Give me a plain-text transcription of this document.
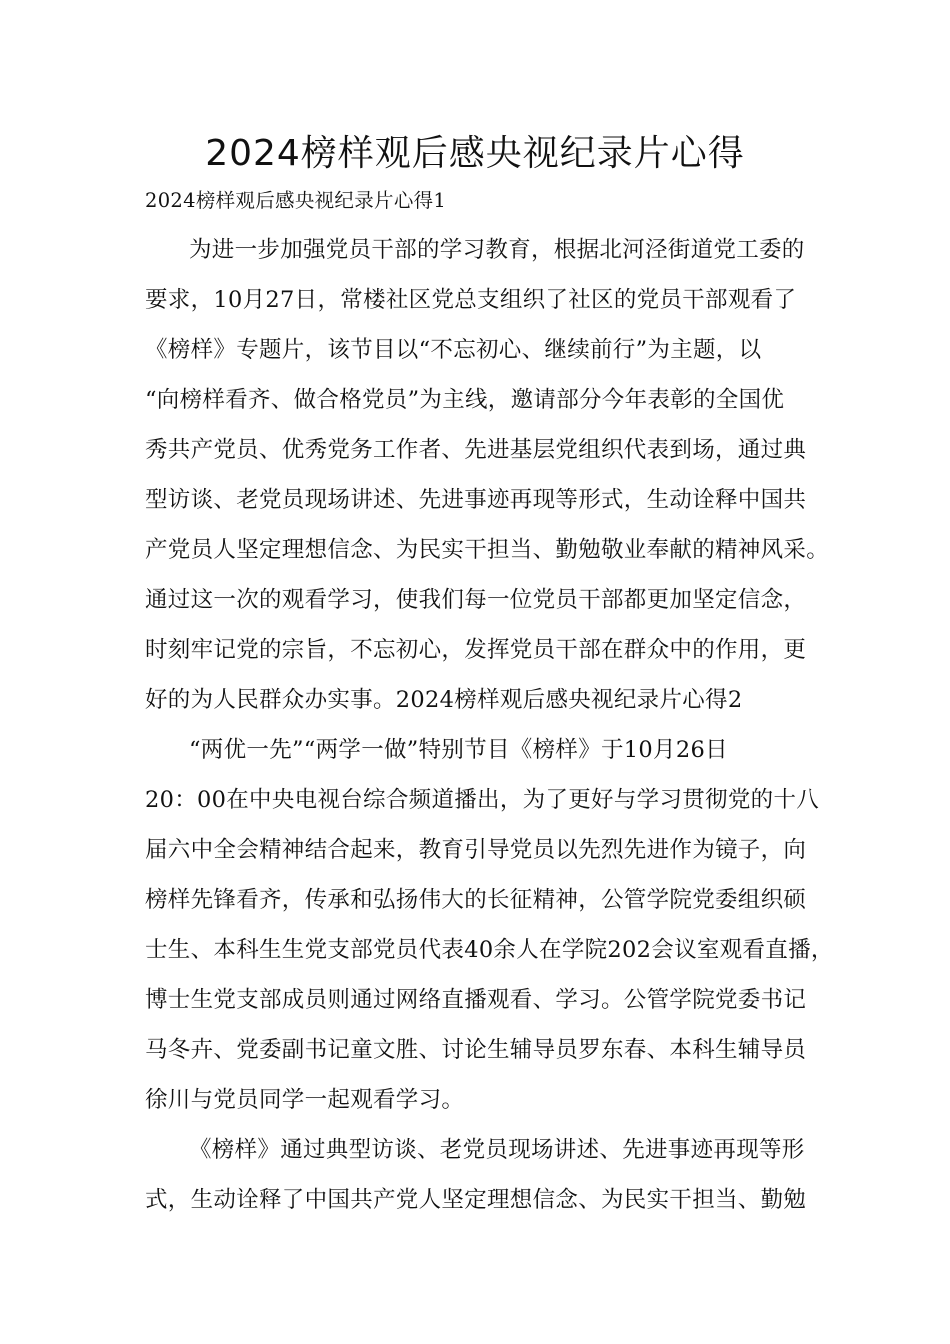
2024榜样观后感央视纪录片心得
2024榜样观后感央视纪录片心得1
为进一步加强党员干部的学习教育，根据北河泾街道党工委的
要求，10月27日，常楼社区党总支组织了社区的党员干部观看了
《榜样》专题片，该节目以“不忘初心、继续前行”为主题，以
“向榜样看齐、做合格党员”为主线，邀请部分今年表彰的全国优
秀共产党员、优秀党务工作者、先进基层党组织代表到场，通过典
型访谈、老党员现场讲述、先进事迹再现等形式，生动诠释中国共
产党员人坚定理想信念、为民实干担当、勤勉敬业奉献的精神风采。
通过这一次的观看学习，使我们每一位党员干部都更加坚定信念，
时刻牢记党的宗旨，不忘初心，发挥党员干部在群众中的作用，更
好的为人民群众办实事。2024榜样观后感央视纪录片心得2
“两优一先”“两学一做”特别节目《榜样》于10月26日
20：00在中央电视台综合频道播出，为了更好与学习贯彻党的十八
届六中全会精神结合起来，教育引导党员以先烈先进作为镜子，向
榜样先锋看齐，传承和弘扬伟大的长征精神，公管学院党委组织硕
士生、本科生生党支部党员代表40余人在学院202会议室观看直播，
博士生党支部成员则通过网络直播观看、学习。公管学院党委书记
马冬卉、党委副书记童文胜、讨论生辅导员罗东春、本科生辅导员
徐川与党员同学一起观看学习。
《榜样》通过典型访谈、老党员现场讲述、先进事迹再现等形
式，生动诠释了中国共产党人坚定理想信念、为民实干担当、勤勉
